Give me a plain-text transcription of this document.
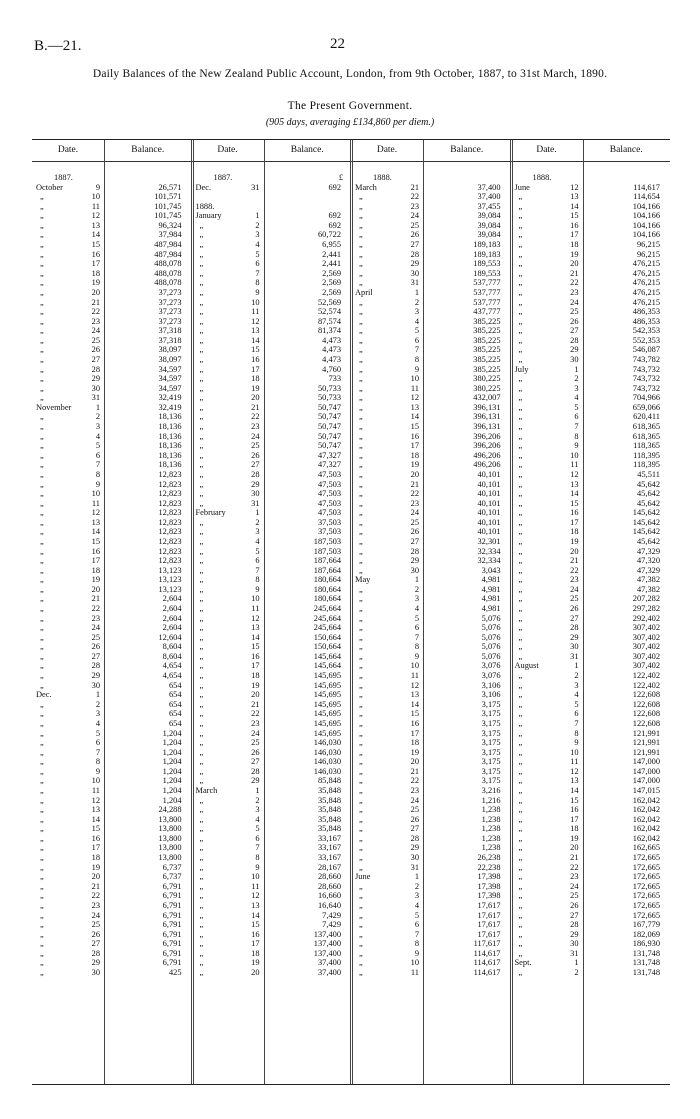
B.—21.	22
Daily Balances of the New Zealand Public Account, London, from 9th October, 1887, to 31st March, 1890.
The Present Government.
(905 days, averaging £134,860 per diem.)
Date.	Balance.	Date.	Balance.	Date.	Balance.	Date.	Balance.
1887.
October	9	26,571
„	10	101,571
„	11	101,745
„	12	101,745
„	13	96,324
„	14	37,984
„	15	487,984
„	16	487,984
„	17	488,078
„	18	488,078
„	19	488,078
„	20	37,273
„	21	37,273
„	22	37,273
„	23	37,273
„	24	37,318
„	25	37,318
„	26	38,097
„	27	38,097
„	28	34,597
„	29	34,597
„	30	34,597
„	31	32,419
November	1	32,419
„	2	18,136
„	3	18,136
„	4	18,136
„	5	18,136
„	6	18,136
„	7	18,136
„	8	12,823
„	9	12,823
„	10	12,823
„	11	12,823
„	12	12,823
„	13	12,823
„	14	12,823
„	15	12,823
„	16	12,823
„	17	12,823
„	18	13,123
„	19	13,123
„	20	13,123
„	21	2,604
„	22	2,604
„	23	2,604
„	24	2,604
„	25	12,604
„	26	8,604
„	27	8,604
„	28	4,654
„	29	4,654
„	30	654
Dec.	1	654
„	2	654
„	3	654
„	4	654
„	5	1,204
„	6	1,204
„	7	1,204
„	8	1,204
„	9	1,204
„	10	1,204
„	11	1,204
„	12	1,204
„	13	24,288
„	14	13,800
„	15	13,800
„	16	13,800
„	17	13,800
„	18	13,800
„	19	6,737
„	20	6,737
„	21	6,791
„	22	6,791
„	23	6,791
„	24	6,791
„	25	6,791
„	26	6,791
„	27	6,791
„	28	6,791
„	29	6,791
„	30	425
1887.	£
Dec.	31	692
1888.
January	1	692
„	2	692
„	3	60,722
„	4	6,955
„	5	2,441
„	6	2,441
„	7	2,569
„	8	2,569
„	9	2,569
„	10	52,569
„	11	52,574
„	12	87,574
„	13	81,374
„	14	4,473
„	15	4,473
„	16	4,473
„	17	4,760
„	18	733
„	19	50,733
„	20	50,733
„	21	50,747
„	22	50,747
„	23	50,747
„	24	50,747
„	25	50,747
„	26	47,327
„	27	47,327
„	28	47,503
„	29	47,503
„	30	47,503
„	31	47,503
February	1	47,503
„	2	37,503
„	3	37,503
„	4	187,503
„	5	187,503
„	6	187,664
„	7	187,664
„	8	180,664
„	9	180,664
„	10	180,664
„	11	245,664
„	12	245,664
„	13	245,664
„	14	150,664
„	15	150,664
„	16	145,664
„	17	145,664
„	18	145,695
„	19	145,695
„	20	145,695
„	21	145,695
„	22	145,695
„	23	145,695
„	24	145,695
„	25	146,030
„	26	146,030
„	27	146,030
„	28	146,030
„	29	85,848
March	1	35,848
„	2	35,848
„	3	35,848
„	4	35,848
„	5	35,848
„	6	33,167
„	7	33,167
„	8	33,167
„	9	28,167
„	10	28,660
„	11	28,660
„	12	16,660
„	13	16,640
„	14	7,429
„	15	7,429
„	16	137,400
„	17	137,400
„	18	137,400
„	19	37,400
„	20	37,400
1888.
March	21	37,400
„	22	37,400
„	23	37,455
„	24	39,084
„	25	39,084
„	26	39,084
„	27	189,183
„	28	189,183
„	29	189,553
„	30	189,553
„	31	537,777
April	1	537,777
„	2	537,777
„	3	437,777
„	4	385,225
„	5	385,225
„	6	385,225
„	7	385,225
„	8	385,225
„	9	385,225
„	10	380,225
„	11	380,225
„	12	432,007
„	13	396,131
„	14	396,131
„	15	396,131
„	16	396,206
„	17	396,206
„	18	496,206
„	19	496,206
„	20	40,101
„	21	40,101
„	22	40,101
„	23	40,101
„	24	40,101
„	25	40,101
„	26	40,101
„	27	32,301
„	28	32,334
„	29	32,334
„	30	3,043
May	1	4,981
„	2	4,981
„	3	4,981
„	4	4,981
„	5	5,076
„	6	5,076
„	7	5,076
„	8	5,076
„	9	5,076
„	10	3,076
„	11	3,076
„	12	3,106
„	13	3,106
„	14	3,175
„	15	3,175
„	16	3,175
„	17	3,175
„	18	3,175
„	19	3,175
„	20	3,175
„	21	3,175
„	22	3,175
„	23	3,216
„	24	1,216
„	25	1,238
„	26	1,238
„	27	1,238
„	28	1,238
„	29	1,238
„	30	26,238
„	31	22,238
June	1	17,398
„	2	17,398
„	3	17,398
„	4	17,617
„	5	17,617
„	6	17,617
„	7	17,617
„	8	117,617
„	9	114,617
„	10	114,617
„	11	114,617
1888.
June	12	114,617
„	13	114,654
„	14	104,166
„	15	104,166
„	16	104,166
„	17	104,166
„	18	96,215
„	19	96,215
„	20	476,215
„	21	476,215
„	22	476,215
„	23	476,215
„	24	476,215
„	25	486,353
„	26	486,353
„	27	542,353
„	28	552,353
„	29	546,087
„	30	743,782
July	1	743,732
„	2	743,732
„	3	743,732
„	4	704,966
„	5	659,066
„	6	620,411
„	7	618,365
„	8	618,365
„	9	118,365
„	10	118,395
„	11	118,395
„	12	45,511
„	13	45,642
„	14	45,642
„	15	45,642
„	16	145,642
„	17	145,642
„	18	145,642
„	19	45,642
„	20	47,329
„	21	47,320
„	22	47,329
„	23	47,382
„	24	47,382
„	25	207,282
„	26	297,282
„	27	292,402
„	28	307,402
„	29	307,402
„	30	307,402
„	31	307,402
August	1	307,402
„	2	122,402
„	3	122,402
„	4	122,608
„	5	122,608
„	6	122,608
„	7	122,608
„	8	121,991
„	9	121,991
„	10	121,991
„	11	147,000
„	12	147,000
„	13	147,000
„	14	147,015
„	15	162,042
„	16	162,042
„	17	162,042
„	18	162,042
„	19	162,042
„	20	162,665
„	21	172,665
„	22	172,665
„	23	172,665
„	24	172,665
„	25	172,665
„	26	172,665
„	27	172,665
„	28	167,779
„	29	182,069
„	30	186,930
„	31	131,748
Sept.	1	131,748
„	2	131,748
